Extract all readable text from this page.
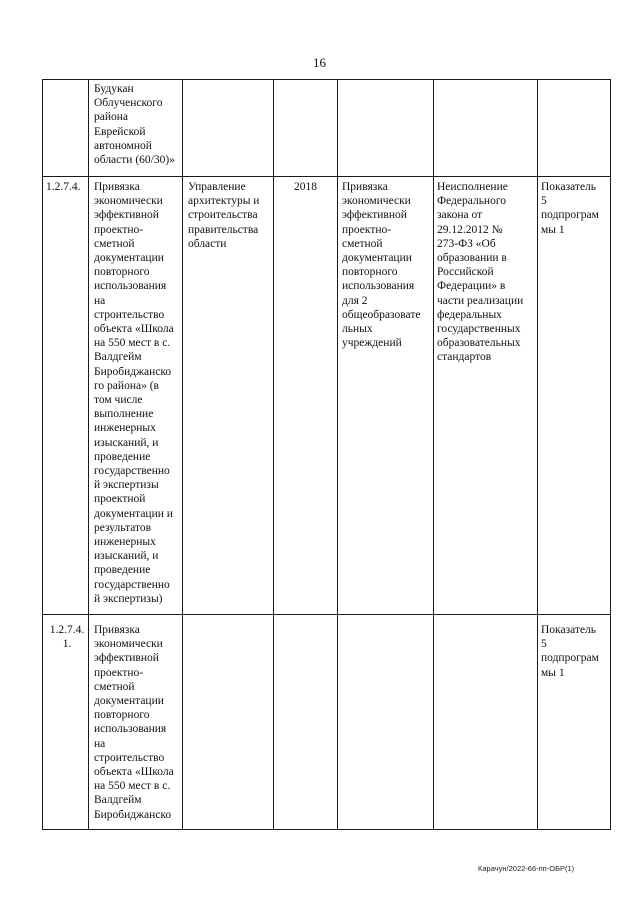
16
Будукан
Облученского
района
Еврейской
автономной
области (60/30)»
1.2.7.4.	Привязка
экономически
эффективной
проектно-
сметной
документации
повторного
использования
на
строительство
объекта «Школа
на 550 мест в с.
Валдгейм
Биробиджанско
го района» (в
том числе
выполнение
инженерных
изысканий, и
проведение
государственно
й экспертизы
проектной
документации и
результатов
инженерных
изысканий, и
проведение
государственно
й экспертизы)
Управление
архитектуры и
строительства
правительства
области
2018	Привязка
экономически
эффективной
проектно-
сметной
документации
повторного
использования
для 2
общеобразовате
льных
учреждений
Неисполнение
Федерального
закона от
29.12.2012 №
273-ФЗ «Об
образовании в
Российской
Федерации» в
части реализации
федеральных
государственных
образовательных
стандартов
Показатель
5
подпрограм
мы 1
1.2.7.4.
1.
Привязка
экономически
эффективной
проектно-
сметной
документации
повторного
использования
на
строительство
объекта «Школа
на 550 мест в с.
Валдгейм
Биробиджанско
Показатель
5
подпрограм
мы 1
Карачун/2022-66-пп-ОБР(1)
